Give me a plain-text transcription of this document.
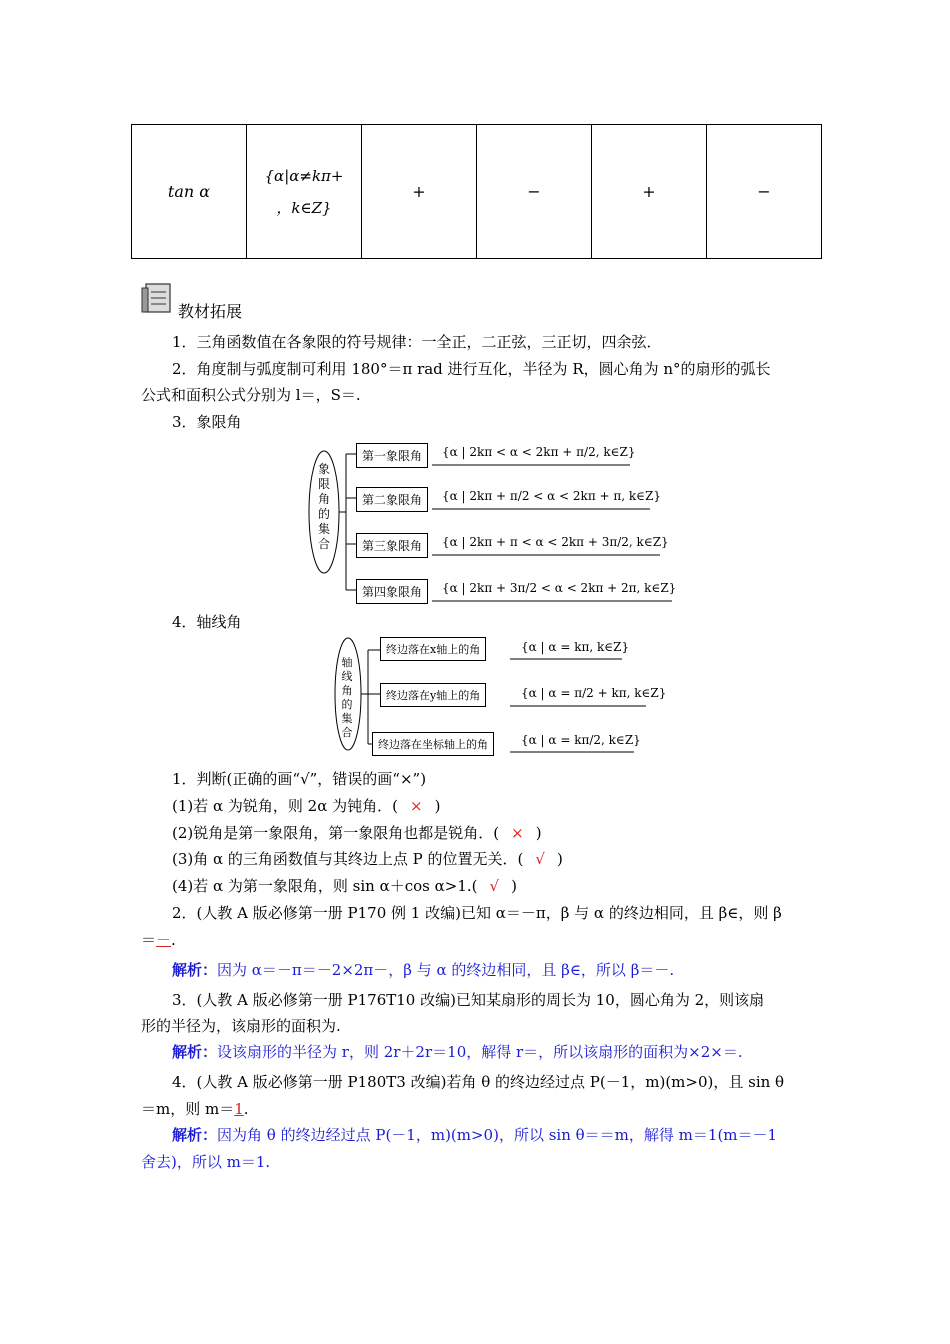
tan α	
{α|α≠kπ+
，k∈Z}
	+	−	+	−
教材拓展
1．三角函数值在各象限的符号规律：一全正，二正弦，三正切，四余弦．
2．角度制与弧度制可利用 180°＝π rad 进行互化，半径为 R，圆心角为 n°的扇形的弧长
公式和面积公式分别为 l＝，S＝.
3．象限角
象限角的集合
第一象限角
第二象限角
第三象限角
第四象限角
{α | 2kπ < α < 2kπ + π/2, k∈Z}
{α | 2kπ + π/2 < α < 2kπ + π, k∈Z}
{α | 2kπ + π < α < 2kπ + 3π/2, k∈Z}
{α | 2kπ + 3π/2 < α < 2kπ + 2π, k∈Z}
4．轴线角
轴线角的集合
终边落在x轴上的角
终边落在y轴上的角
终边落在坐标轴上的角
{α | α = kπ, k∈Z}
{α | α = π/2 + kπ, k∈Z}
{α | α = kπ/2, k∈Z}
1．判断(正确的画“√”，错误的画“×”)
(1)若 α 为锐角，则 2α 为钝角．( × )
(2)锐角是第一象限角，第一象限角也都是锐角．( × )
(3)角 α 的三角函数值与其终边上点 P 的位置无关．( √ )
(4)若 α 为第一象限角，则 sin α＋cos α>1.( √ )
2．(人教 A 版必修第一册 P170 例 1 改编)已知 α＝－π，β 与 α 的终边相同，且 β∈，则 β
＝－.
解析：因为 α＝－π＝－2×2π－，β 与 α 的终边相同，且 β∈，所以 β＝－.
3．(人教 A 版必修第一册 P176T10 改编)已知某扇形的周长为 10，圆心角为 2，则该扇
形的半径为，该扇形的面积为.
解析：设该扇形的半径为 r，则 2r＋2r＝10，解得 r＝，所以该扇形的面积为×2×＝.
4．(人教 A 版必修第一册 P180T3 改编)若角 θ 的终边经过点 P(－1，m)(m>0)，且 sin θ
＝m，则 m＝1.
解析：因为角 θ 的终边经过点 P(－1，m)(m>0)，所以 sin θ＝＝m，解得 m＝1(m＝－1
舍去)，所以 m＝1.
